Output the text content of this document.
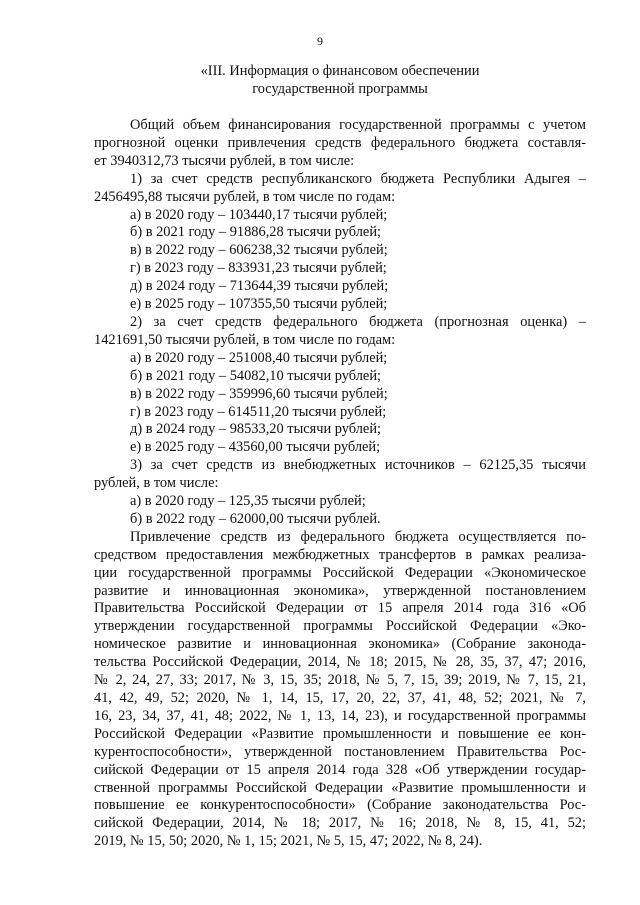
9
«III. Информация о финансовом обеспечении
государственной программы
Общий объем финансирования государственной программы с учетом
прогнозной оценки привлечения средств федерального бюджета составля-
ет 3940312,73 тысячи рублей, в том числе:
1) за счет средств республиканского бюджета Республики Адыгея –
2456495,88 тысячи рублей, в том числе по годам:
а) в 2020 году – 103440,17 тысячи рублей;
б) в 2021 году – 91886,28 тысячи рублей;
в) в 2022 году – 606238,32 тысячи рублей;
г) в 2023 году – 833931,23 тысячи рублей;
д) в 2024 году – 713644,39 тысячи рублей;
е) в 2025 году – 107355,50 тысячи рублей;
2) за счет средств федерального бюджета (прогнозная оценка) –
1421691,50 тысячи рублей, в том числе по годам:
а) в 2020 году – 251008,40 тысячи рублей;
б) в 2021 году – 54082,10 тысячи рублей;
в) в 2022 году – 359996,60 тысячи рублей;
г) в 2023 году – 614511,20 тысячи рублей;
д) в 2024 году – 98533,20 тысячи рублей;
е) в 2025 году – 43560,00 тысячи рублей;
3) за счет средств из внебюджетных источников – 62125,35 тысячи
рублей, в том числе:
а) в 2020 году – 125,35 тысячи рублей;
б) в 2022 году – 62000,00 тысячи рублей.
Привлечение средств из федерального бюджета осуществляется по-
средством предоставления межбюджетных трансфертов в рамках реализа-
ции государственной программы Российской Федерации «Экономическое
развитие и инновационная экономика», утвержденной постановлением
Правительства Российской Федерации от 15 апреля 2014 года 316 «Об
утверждении государственной программы Российской Федерации «Эко-
номическое развитие и инновационная экономика» (Собрание законода-
тельства Российской Федерации, 2014, № 18; 2015, № 28, 35, 37, 47; 2016,
№ 2, 24, 27, 33; 2017, № 3, 15, 35; 2018, № 5, 7, 15, 39; 2019, № 7, 15, 21,
41, 42, 49, 52; 2020, № 1, 14, 15, 17, 20, 22, 37, 41, 48, 52; 2021, № 7,
16, 23, 34, 37, 41, 48; 2022, № 1, 13, 14, 23), и государственной программы
Российской Федерации «Развитие промышленности и повышение ее кон-
курентоспособности», утвержденной постановлением Правительства Рос-
сийской Федерации от 15 апреля 2014 года 328 «Об утверждении государ-
ственной программы Российской Федерации «Развитие промышленности и
повышение ее конкурентоспособности» (Собрание законодательства Рос-
сийской Федерации, 2014, № 18; 2017, № 16; 2018, № 8, 15, 41, 52;
2019, № 15, 50; 2020, № 1, 15; 2021, № 5, 15, 47; 2022, № 8, 24).
